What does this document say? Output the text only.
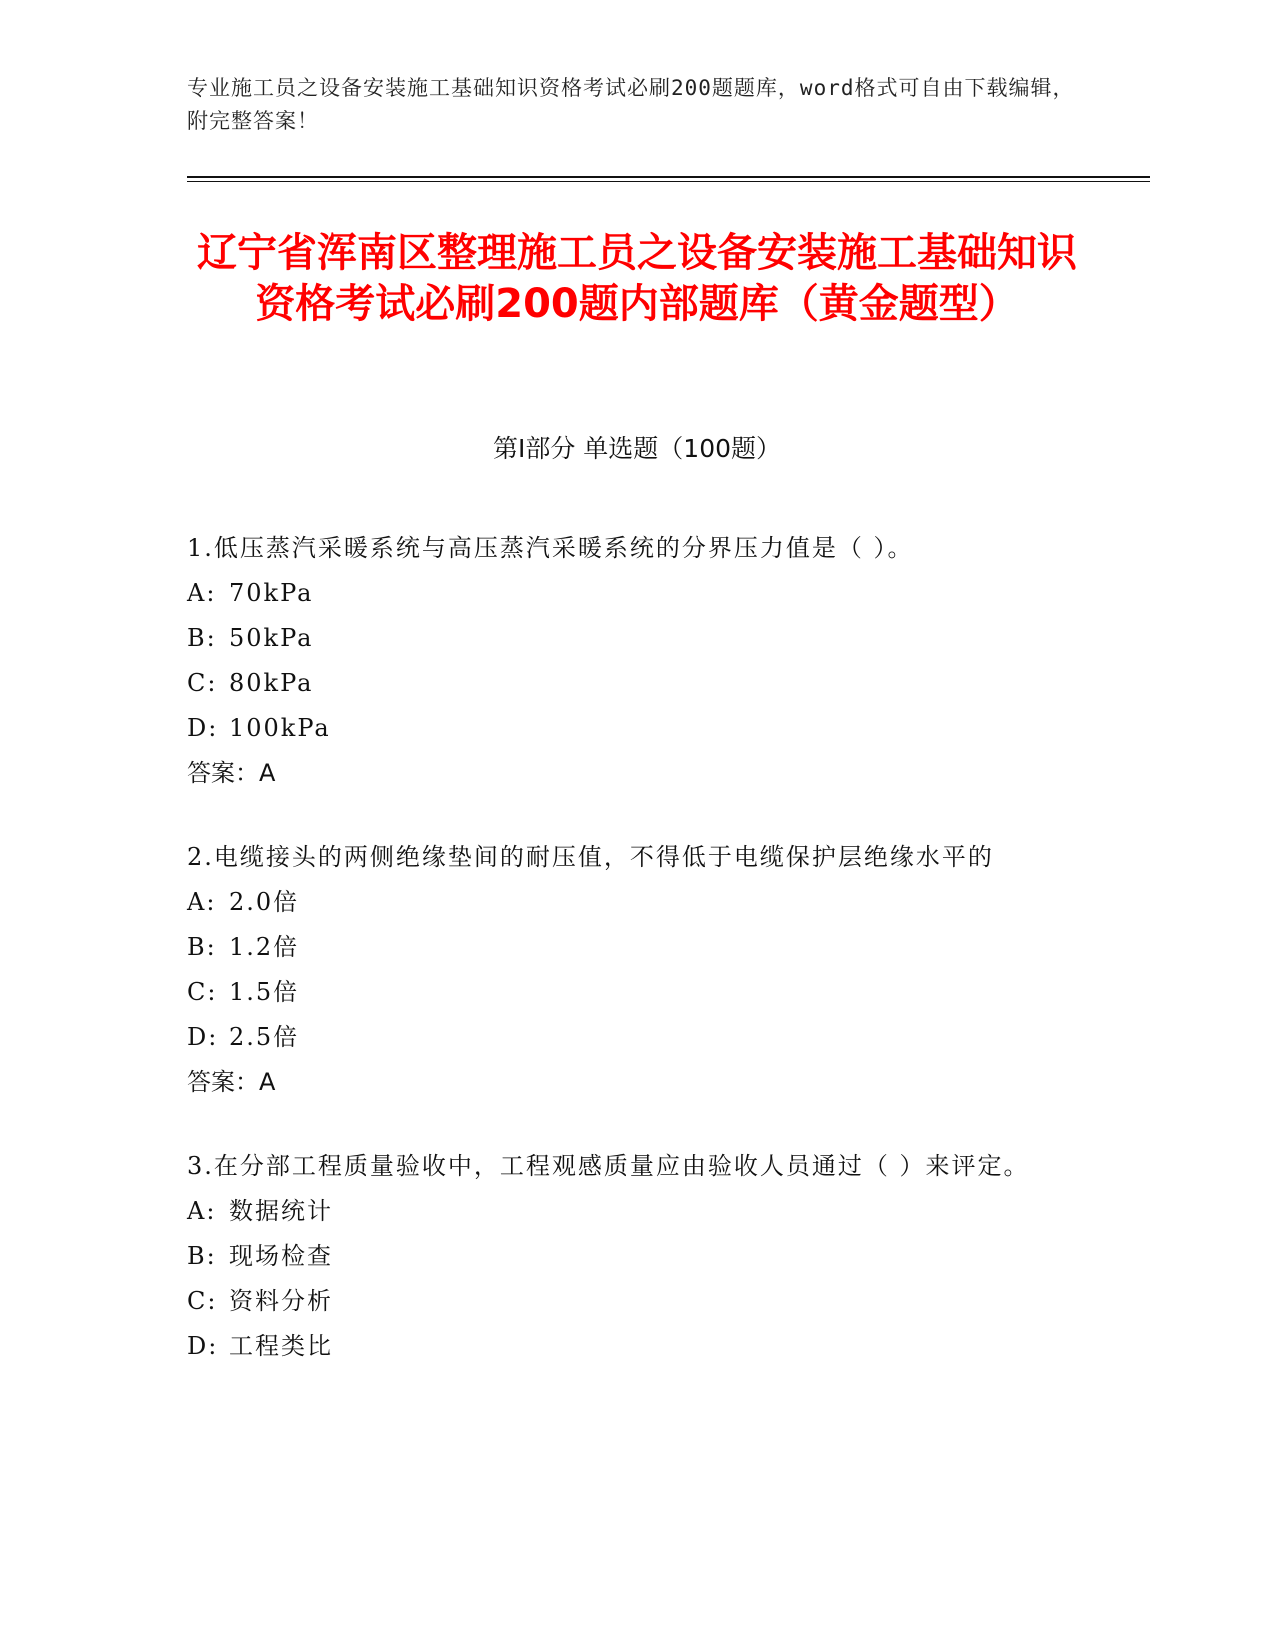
专业施工员之设备安装施工基础知识资格考试必刷200题题库，word格式可自由下载编辑，附完整答案！
辽宁省浑南区整理施工员之设备安装施工基础知识资格考试必刷200题内部题库（黄金题型）
第I部分 单选题（100题）
1.低压蒸汽采暖系统与高压蒸汽采暖系统的分界压力值是（ ）。
A: 70kPa
B: 50kPa
C: 80kPa
D: 100kPa
答案：A
2.电缆接头的两侧绝缘垫间的耐压值，不得低于电缆保护层绝缘水平的
A: 2.0倍
B: 1.2倍
C: 1.5倍
D: 2.5倍
答案：A
3.在分部工程质量验收中，工程观感质量应由验收人员通过（ ）来评定。
A: 数据统计
B: 现场检查
C: 资料分析
D: 工程类比
